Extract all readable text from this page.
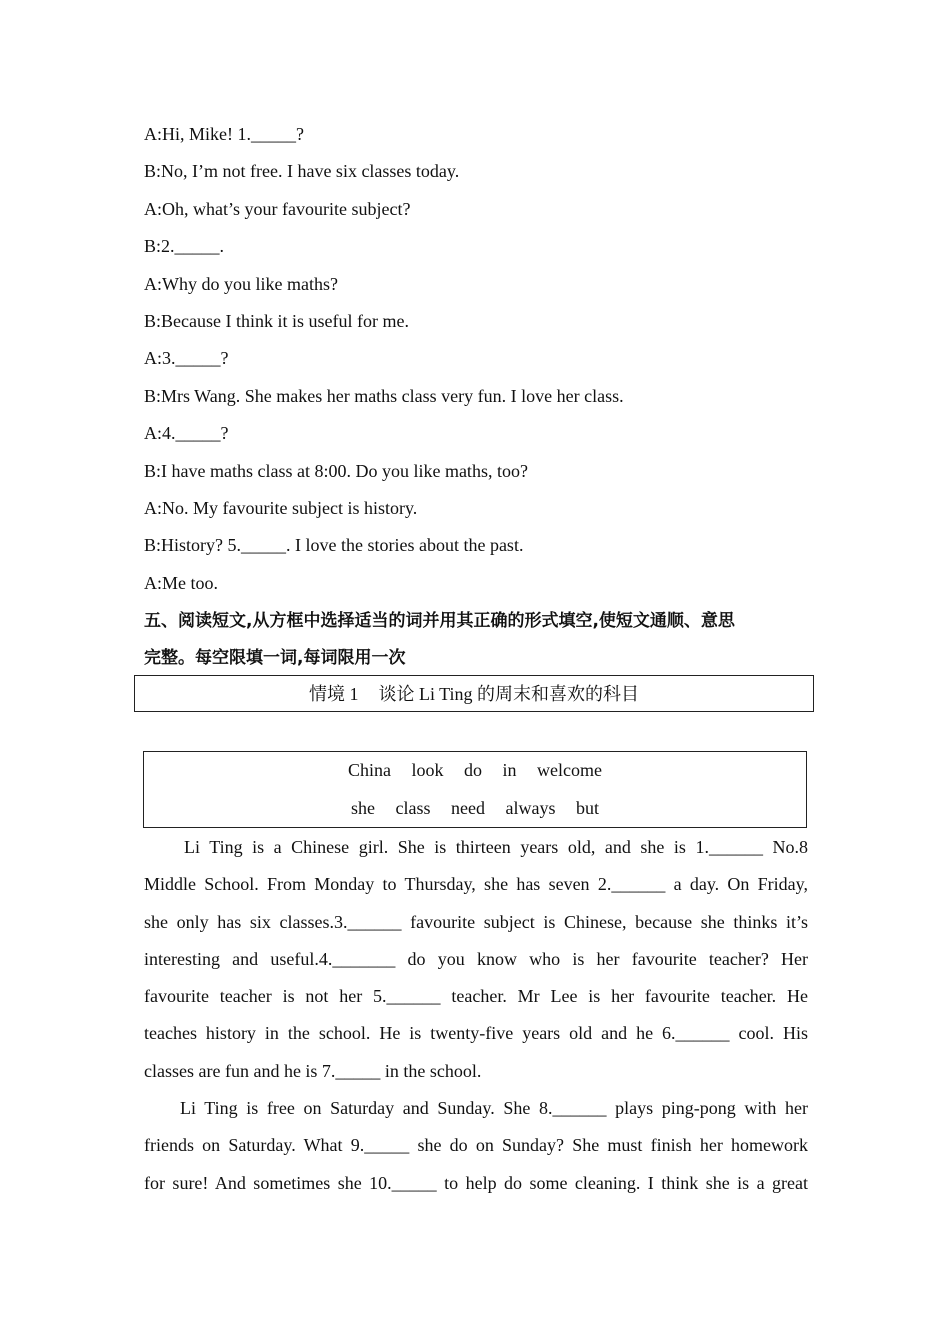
A:Hi, Mike! 1._____?
B:No, I’m not free. I have six classes today.
A:Oh, what’s your favourite subject?
B:2._____.
A:Why do you like maths?
B:Because I think it is useful for me.
A:3._____?
B:Mrs Wang. She makes her maths class very fun. I love her class.
A:4._____?
B:I have maths class at 8:00. Do you like maths, too?
A:No. My favourite subject is history.
B:History? 5._____. I love the stories about the past.
A:Me too.
五、阅读短文,从方框中选择适当的词并用其正确的形式填空,使短文通顺、意思
完整。每空限填一词,每词限用一次
情境 1 谈论 Li Ting 的周末和喜欢的科目
China look do in welcome
she class need always but
Li Ting is a Chinese girl. She is thirteen years old, and she is 1.______ No.8
Middle School. From Monday to Thursday, she has seven 2.______ a day. On Friday,
she only has six classes.3.______ favourite subject is Chinese, because she thinks it’s
interesting and useful.4._______ do you know who is her favourite teacher? Her
favourite teacher is not her 5.______ teacher. Mr Lee is her favourite teacher. He
teaches history in the school. He is twenty-five years old and he 6.______ cool. His
classes are fun and he is 7._____ in the school.
Li Ting is free on Saturday and Sunday. She 8.______ plays ping-pong with her
friends on Saturday. What 9._____ she do on Sunday? She must finish her homework
for sure! And sometimes she 10._____ to help do some cleaning. I think she is a great
